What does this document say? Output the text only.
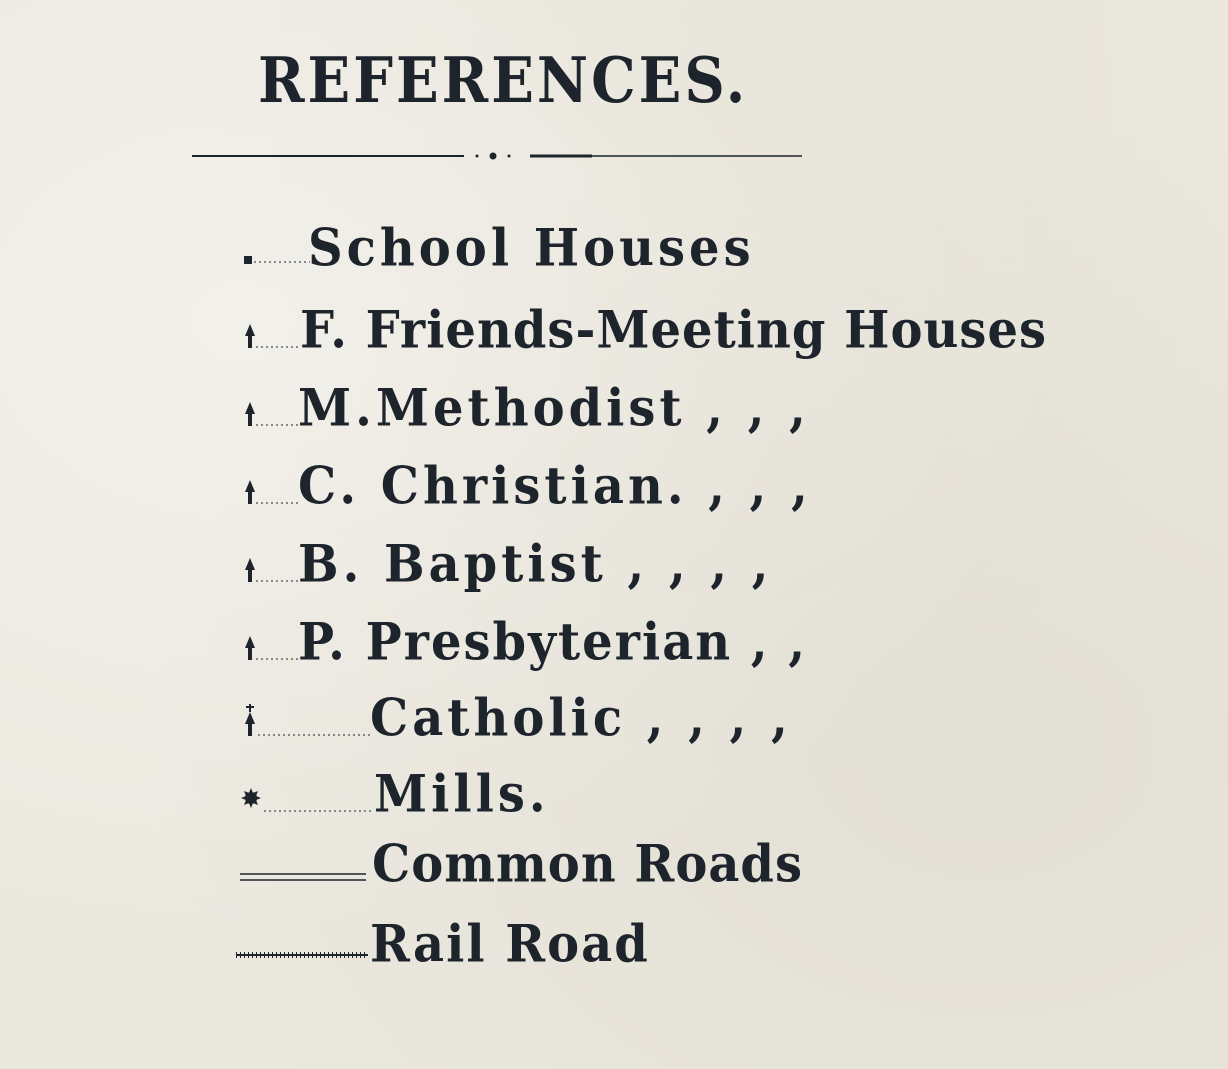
REFERENCES.
School Houses
F. Friends-Meeting Houses
M.Methodist , , ,
C. Christian. , , ,
B. Baptist , , , ,
P. Presbyterian , ,
Catholic , , , ,
Mills.
Common Roads
Rail Road
